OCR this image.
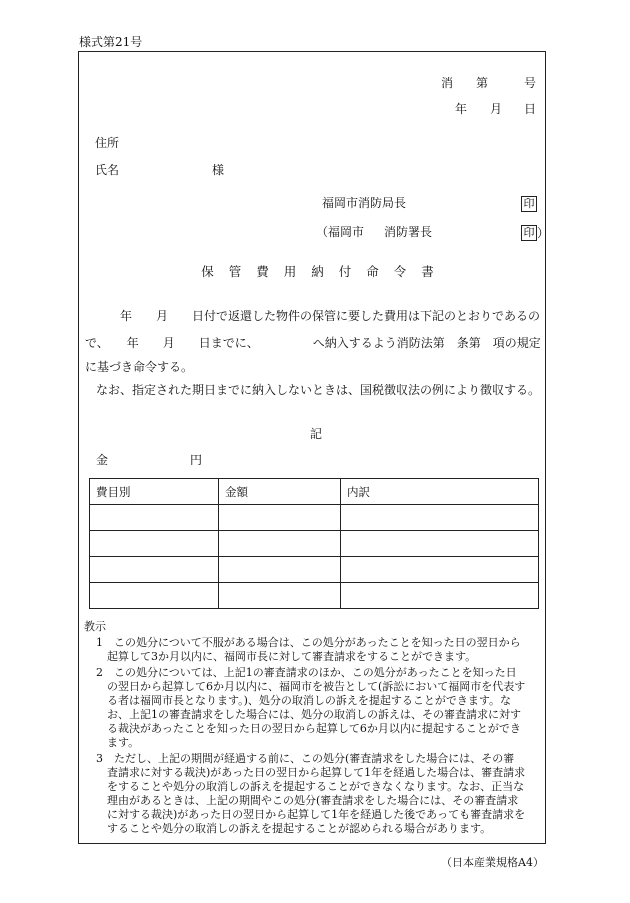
様式第21号
消 第	号
年 月 日
住所
氏名	様
福岡市消防局長	印
（福岡市 消防署長	印 ）
保管費用納付命令書
年　　月　　日付で返還した物件の保管に要した費用は下記のとおりであるの
で、　　年　　月　　日までに、　　　　　へ納入するよう消防法第　条第　項の規定
に基づき命令する。
なお、指定された期日までに納入しないときは、国税徴収法の例により徴収する。
記
金	円
費目別	金額	内訳

教示
1　この処分について不服がある場合は、この処分があったことを知った日の翌日から
起算して3か月以内に、福岡市長に対して審査請求をすることができます。
2　この処分については、上記1の審査請求のほか、この処分があったことを知った日
の翌日から起算して6か月以内に、福岡市を被告として(訴訟において福岡市を代表す
る者は福岡市長となります。)、処分の取消しの訴えを提起することができます。な
お、上記1の審査請求をした場合には、処分の取消しの訴えは、その審査請求に対す
る裁決があったことを知った日の翌日から起算して6か月以内に提起することができ
ます。
3　ただし、上記の期間が経過する前に、この処分(審査請求をした場合には、その審
査請求に対する裁決)があった日の翌日から起算して1年を経過した場合は、審査請求
をすることや処分の取消しの訴えを提起することができなくなります。なお、正当な
理由があるときは、上記の期間やこの処分(審査請求をした場合には、その審査請求
に対する裁決)があった日の翌日から起算して1年を経過した後であっても審査請求を
することや処分の取消しの訴えを提起することが認められる場合があります。
（日本産業規格A4）
